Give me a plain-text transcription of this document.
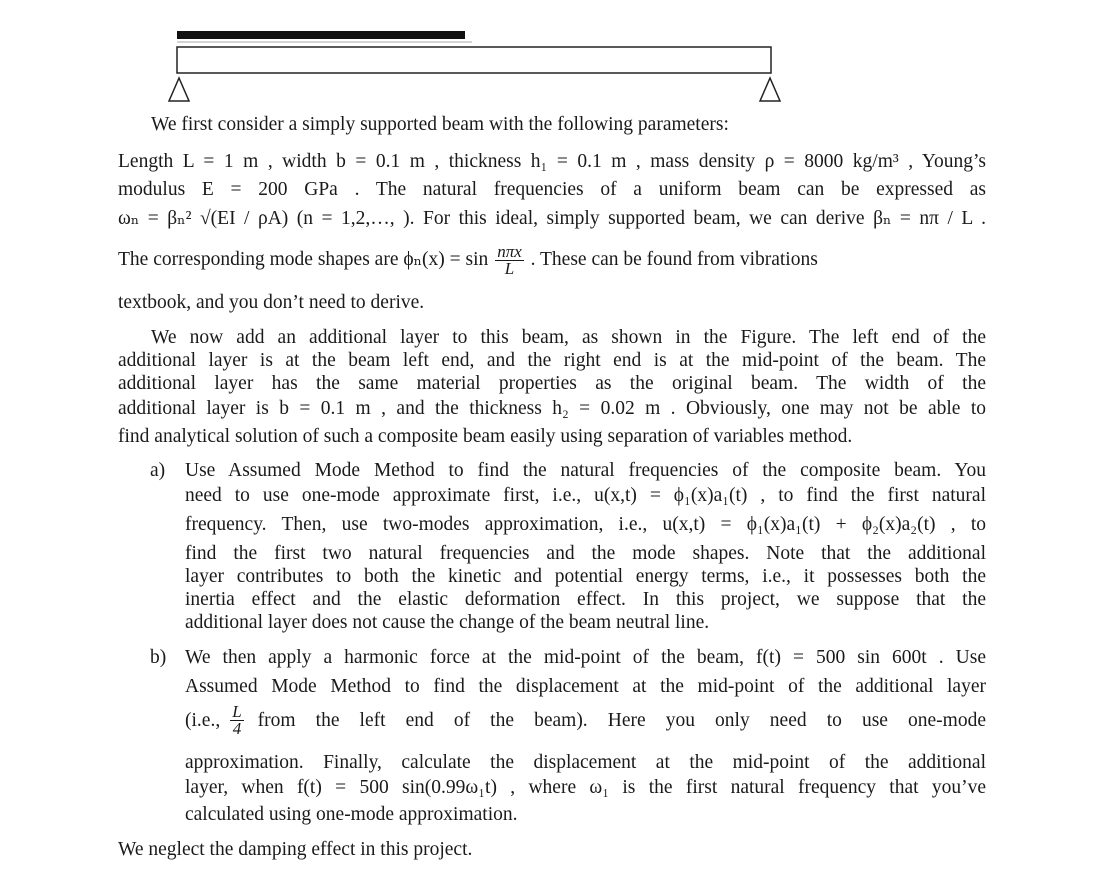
We first consider a simply supported beam with the following parameters:
Length L = 1 m , width b = 0.1 m , thickness h₁ = 0.1 m , mass density ρ = 8000 kg/m³ , Young’s
modulus E = 200 GPa . The natural frequencies of a uniform beam can be expressed as
ωₙ = βₙ² √(EI / ρA) (n = 1,2,…, ). For this ideal, simply supported beam, we can derive βₙ = nπ / L .
The corresponding mode shapes are $\phi_n(x) = \sin \frac{\text{nπx}}{L}$ . These can be found from vibrations
textbook, and you don’t need to derive.
We now add an additional layer to this beam, as shown in the Figure. The left end of the
additional layer is at the beam left end, and the right end is at the mid-point of the beam. The
additional layer has the same material properties as the original beam. The width of the
additional layer is b = 0.1 m , and the thickness h₂ = 0.02 m . Obviously, one may not be able to
find analytical solution of such a composite beam easily using separation of variables method.
a) Use Assumed Mode Method to find the natural frequencies of the composite beam. You
need to use one-mode approximate first, i.e., u(x,t) = ϕ₁(x)a₁(t) , to find the first natural
frequency. Then, use two-modes approximation, i.e., u(x,t) = ϕ₁(x)a₁(t) + ϕ₂(x)a₂(t) , to
find the first two natural frequencies and the mode shapes. Note that the additional
layer contributes to both the kinetic and potential energy terms, i.e., it possesses both the
inertia effect and the elastic deformation effect. In this project, we suppose that the
additional layer does not cause the change of the beam neutral line.
b) We then apply a harmonic force at the mid-point of the beam, f(t) = 500 sin 600t . Use
Assumed Mode Method to find the displacement at the mid-point of the additional layer
(i.e., $\frac{L}{4}$ from the left end of the beam). Here you only need to use one-mode
approximation. Finally, calculate the displacement at the mid-point of the additional
layer, when f(t) = 500 sin(0.99ω₁t) , where ω₁ is the first natural frequency that you’ve
calculated using one-mode approximation.
We neglect the damping effect in this project.
